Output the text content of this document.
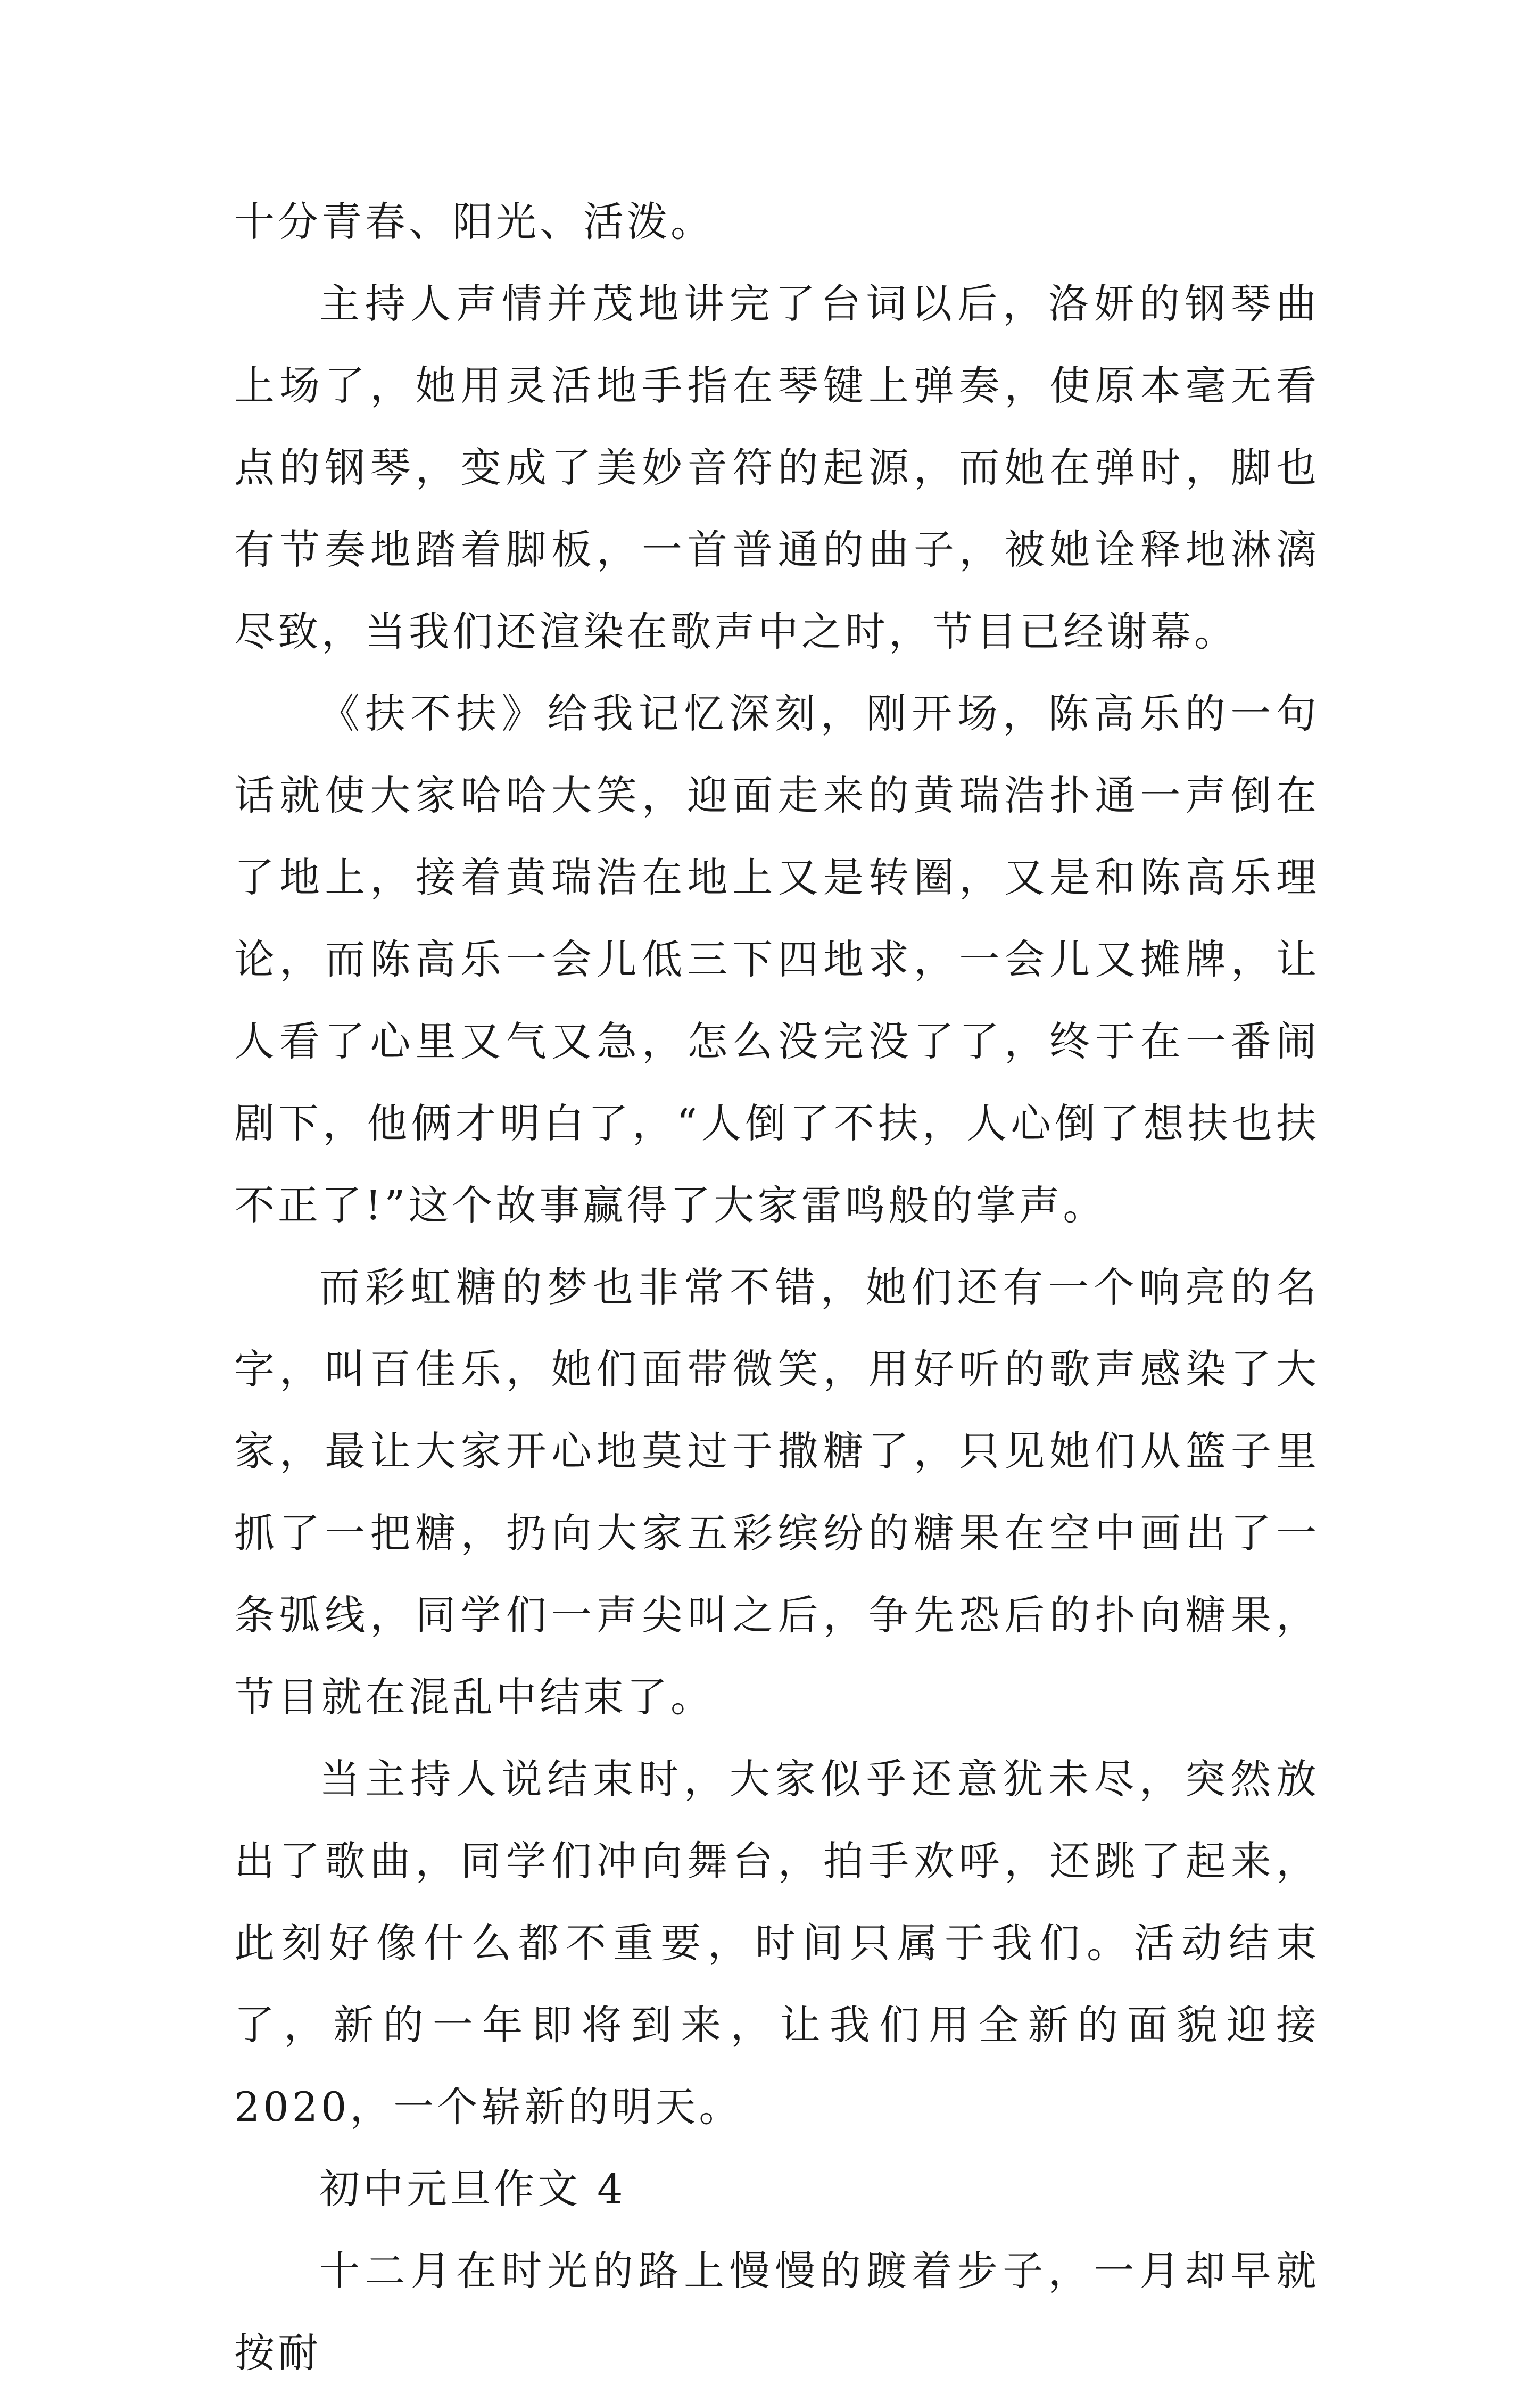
十分青春、阳光、活泼。

主持人声情并茂地讲完了台词以后，洛妍的钢琴曲上场了，她用灵活地手指在琴键上弹奏，使原本毫无看点的钢琴，变成了美妙音符的起源，而她在弹时，脚也有节奏地踏着脚板，一首普通的曲子，被她诠释地淋漓尽致，当我们还渲染在歌声中之时，节目已经谢幕。

《扶不扶》给我记忆深刻，刚开场，陈高乐的一句话就使大家哈哈大笑，迎面走来的黄瑞浩扑通一声倒在了地上，接着黄瑞浩在地上又是转圈，又是和陈高乐理论，而陈高乐一会儿低三下四地求，一会儿又摊牌，让人看了心里又气又急，怎么没完没了了，终于在一番闹剧下，他俩才明白了，“人倒了不扶，人心倒了想扶也扶不正了!”这个故事赢得了大家雷鸣般的掌声。

而彩虹糖的梦也非常不错，她们还有一个响亮的名字，叫百佳乐，她们面带微笑，用好听的歌声感染了大家，最让大家开心地莫过于撒糖了，只见她们从篮子里抓了一把糖，扔向大家五彩缤纷的糖果在空中画出了一条弧线，同学们一声尖叫之后，争先恐后的扑向糖果，节目就在混乱中结束了。

当主持人说结束时，大家似乎还意犹未尽，突然放出了歌曲，同学们冲向舞台，拍手欢呼，还跳了起来，此刻好像什么都不重要，时间只属于我们。活动结束了，新的一年即将到来，让我们用全新的面貌迎接 2020，一个崭新的明天。

初中元旦作文 4

十二月在时光的路上慢慢的踱着步子，一月却早就按耐
